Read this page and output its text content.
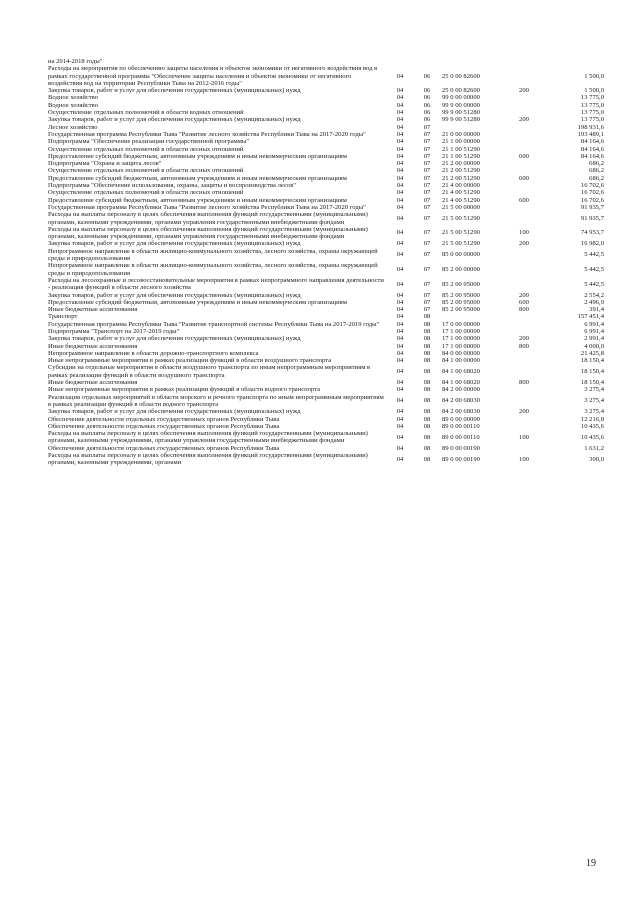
на 2014-2018 годы"					
Расходы на мероприятия по обеспечению защиты населения и объектов экономики от негативного воздействия вод в рамках государственной программы "Обеспечение защиты населения и объектов экономики от негативного воздействия вод на территории Республики Тыва на 2012-2016 годы"	04	06	25 0 00 82600		1 500,0
Закупка товаров, работ и услуг для обеспечения государственных (муниципальных) нужд	04	06	25 0 00 82600	200	1 500,0
Водное хозяйство	04	06	99 0 00 00000		13 775,0
Водное хозяйство	04	06	99 9 00 00000		13 775,0
Осуществление отдельных полномочий в области водных отношений	04	06	99 9 00 51280		13 775,0
Закупка товаров, работ и услуг для обеспечения государственных (муниципальных) нужд	04	06	99 9 00 51280	200	13 775,0
Лесное хозяйство	04	07			198 931,6
Государственная программа Республики Тыва "Развитие лесного хозяйства Республики Тыва на 2017-2020 годы"	04	07	21 0 00 00000		193 489,1
Подпрограмма "Обеспечение реализации государственной программы"	04	07	21 1 00 00000		84 164,6
Осуществление отдельных полномочий в области лесных отношений	04	07	21 1 00 51290		84 164,6
Предоставление субсидий бюджетным, автономным учреждениям и иным некоммерческим организациям	04	07	21 1 00 51290	600	84 164,6
Подпрограмма "Охрана и защита лесов"	04	07	21 2 00 00000		686,2
Осуществление отдельных полномочий в области лесных отношений	04	07	21 2 00 51290		686,2
Предоставление субсидий бюджетным, автономным учреждениям и иным некоммерческим организациям	04	07	21 2 00 51290	600	686,2
Подпрограмма "Обеспечение использования, охраны, защиты и воспроизводства лесов"	04	07	21 4 00 00000		16 702,6
Осуществление отдельных полномочий в области лесных отношений	04	07	21 4 00 51290		16 702,6
Предоставление субсидий бюджетным, автономным учреждениям и иным некоммерческим организациям	04	07	21 4 00 51290	600	16 702,6
Государственная программа Республики Тыва "Развитие лесного хозяйства Республики Тыва на 2017-2020 годы"	04	07	21 5 00 00000		91 935,7
Расходы на выплаты персоналу в целях обеспечения выполнения функций государственными (муниципальными) органами, казенными учреждениями, органами управления государственными внебюджетными фондами	04	07	21 5 00 51290		91 935,7
Расходы на выплаты персоналу в целях обеспечения выполнения функций государственными (муниципальными) органами, казенными учреждениями, органами управления государственными внебюджетными фондами	04	07	21 5 00 51290	100	74 953,7
Закупка товаров, работ и услуг для обеспечения государственных (муниципальных) нужд	04	07	21 5 00 51290	200	16 982,0
Непрограммное направление в области жилищно-коммунального хозяйства, лесного хозяйства, охраны окружающей среды и природопользования	04	07	85 0 00 00000		5 442,5
Непрограммное направление в области жилищно-коммунального хозяйства, лесного хозяйства, охраны окружающей среды и природопользования	04	07	85 2 00 00000		5 442,5
Расходы на лесоохранные и лесовосстановительные мероприятия в рамках непрограммного направления деятельности - реализация функций в области лесного хозяйства	04	07	85 2 00 95000		5 442,5
Закупка товаров, работ и услуг для обеспечения государственных (муниципальных) нужд	04	07	85 2 00 95000	200	2 554,2
Предоставление субсидий бюджетным, автономным учреждениям и иным некоммерческим организациям	04	07	85 2 00 95000	600	2 496,9
Иные бюджетные ассигнования	04	07	85 2 00 95000	800	391,4
Транспорт	04	08			157 451,4
Государственная программа Республики Тыва "Развитие транспортной системы Республики Тыва на 2017-2019 годы"	04	08	17 0 00 00000		6 991,4
Подпрограмма "Транспорт на 2017-2019 годы"	04	08	17 1 00 00000		6 991,4
Закупка товаров, работ и услуг для обеспечения государственных (муниципальных) нужд	04	08	17 1 00 00000	200	2 991,4
Иные бюджетные ассигнования	04	08	17 1 00 00000	800	4 000,0
Непрограммное направление в области дорожно-транспортного комплекса	04	08	84 0 00 00000		21 425,8
Иные непрограммные мероприятия в рамках реализации функций в области воздушного транспорта	04	08	84 1 00 00000		18 150,4
Субсидии на отдельные мероприятия в области воздушного транспорта по иным непрограммным мероприятиям в рамках реализации функций в области воздушного транспорта	04	08	84 1 00 68020		18 150,4
Иные бюджетные ассигнования	04	08	84 1 00 68020	800	18 150,4
Иные непрограммные мероприятия в рамках реализации функций в области водного транспорта	04	08	84 2 00 00000		3 275,4
Реализация отдельных мероприятий в области морского и речного транспорта по иным непрограммным мероприятиям в рамках реализации функций в области водного транспорта	04	08	84 2 00 68030		3 275,4
Закупка товаров, работ и услуг для обеспечения государственных (муниципальных) нужд	04	08	84 2 00 68030	200	3 275,4
Обеспечение деятельности отдельных государственных органов Республики Тыва	04	08	89 0 00 00000		12 216,8
Обеспечение деятельности отдельных государственных органов Республики Тыва	04	08	89 0 00 00110		10 435,6
Расходы на выплаты персоналу в целях обеспечения выполнения функций государственными (муниципальными) органами, казенными учреждениями, органами управления государственными внебюджетными фондами	04	08	89 0 00 00110	100	10 435,6
Обеспечение деятельности отдельных государственных органов Республики Тыва	04	08	89 0 00 00190		1 631,2
Расходы на выплаты персоналу в целях обеспечения выполнения функций государственными (муниципальными) органами, казенными учреждениями, органами	04	08	89 0 00 00190	100	300,0
19
